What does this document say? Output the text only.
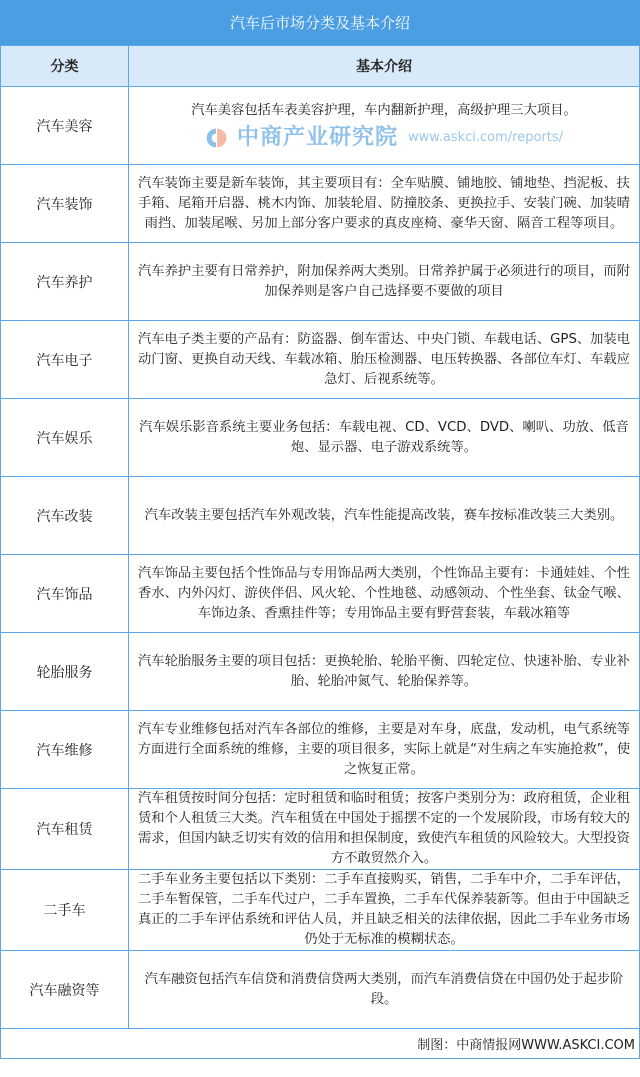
汽车后市场分类及基本介绍
分类	基本介绍
汽车美容	汽车美容包括车表美容护理，车内翻新护理，高级护理三大项目。
中商产业研究院 www.askci.com/reports/

汽车装饰	汽车装饰主要是新车装饰，其主要项目有：全车贴膜、铺地胶、铺地垫、挡泥板、扶手箱、尾箱开启器、桃木内饰、加装轮眉、防撞胶条、更换拉手、安装门碗、加装晴雨挡、加装尾喉、另加上部分客户要求的真皮座椅、豪华天窗、隔音工程等项目。

汽车养护	汽车养护主要有日常养护，附加保养两大类别。日常养护属于必须进行的项目，而附加保养则是客户自己选择要不要做的项目

汽车电子	汽车电子类主要的产品有：防盗器、倒车雷达、中央门锁、车载电话、GPS、加装电动门窗、更换自动天线、车载冰箱、胎压检测器、电压转换器、各部位车灯、车载应急灯、后视系统等。

汽车娱乐	汽车娱乐影音系统主要业务包括：车载电视、CD、VCD、DVD、喇叭、功放、低音炮、显示器、电子游戏系统等。

汽车改装	汽车改装主要包括汽车外观改装，汽车性能提高改装，赛车按标准改装三大类别。

汽车饰品	汽车饰品主要包括个性饰品与专用饰品两大类别，个性饰品主要有：卡通娃娃、个性香水、内外闪灯、游侠伴侣、风火轮、个性地毯、动感领动、个性坐套、钛金气喉、车饰边条、香熏挂件等；专用饰品主要有野营套装，车载冰箱等

轮胎服务	汽车轮胎服务主要的项目包括：更换轮胎、轮胎平衡、四轮定位、快速补胎、专业补胎、轮胎冲氮气、轮胎保养等。

汽车维修	汽车专业维修包括对汽车各部位的维修，主要是对车身，底盘，发动机，电气系统等方面进行全面系统的维修，主要的项目很多，实际上就是“对生病之车实施抢救”，使之恢复正常。

汽车租赁	汽车租赁按时间分包括：定时租赁和临时租赁；按客户类别分为：政府租赁，企业租赁和个人租赁三大类。汽车租赁在中国处于摇摆不定的一个发展阶段，市场有较大的需求，但国内缺乏切实有效的信用和担保制度，致使汽车租赁的风险较大。大型投资方不敢贸然介入。

二手车	二手车业务主要包括以下类别：二手车直接购买，销售，二手车中介，二手车评估，二手车暂保管，二手车代过户，二手车置换，二手车代保养装新等。但由于中国缺乏真正的二手车评估系统和评估人员，并且缺乏相关的法律依据，因此二手车业务市场仍处于无标准的模糊状态。

汽车融资等	汽车融资包括汽车信贷和消费信贷两大类别，而汽车消费信贷在中国仍处于起步阶段。

制图：中商情报网WWW.ASKCI.COM	
